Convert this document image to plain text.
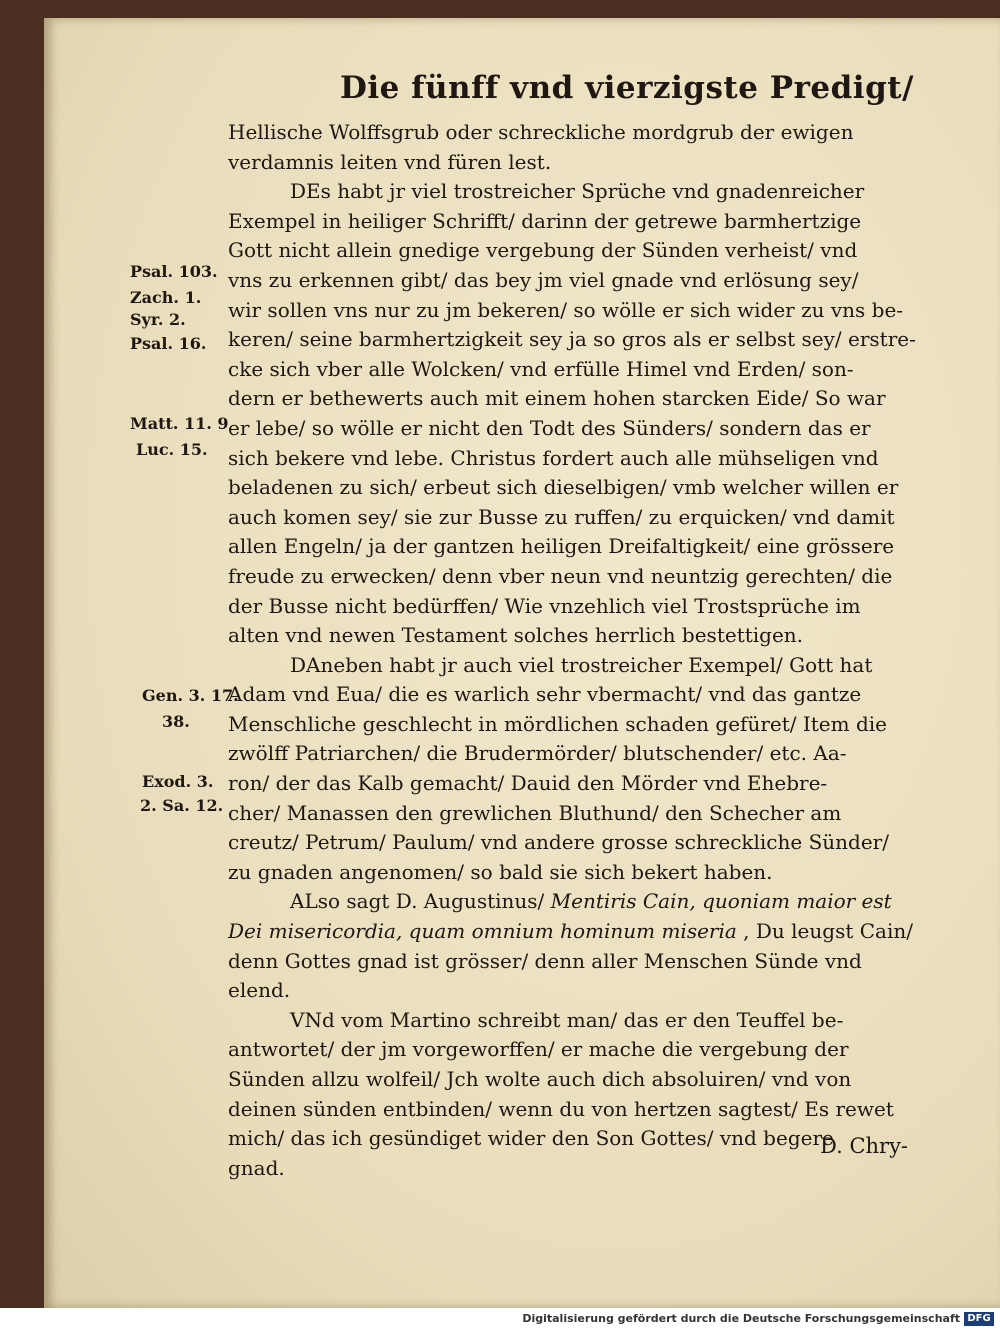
Die fünff vnd vierzigste Predigt/
Hellische Wolffsgrub oder schreckliche mordgrub der ewigen
verdamnis leiten vnd füren lest.
DEs habt jr viel trostreicher Sprüche vnd gnadenreicher
Exempel in heiliger Schrifft/ darinn der getrewe barmhertzige
Gott nicht allein gnedige vergebung der Sünden verheist/ vnd
vns zu erkennen gibt/ das bey jm viel gnade vnd erlösung sey/
wir sollen vns nur zu jm bekeren/ so wölle er sich wider zu vns be-
keren/ seine barmhertzigkeit sey ja so gros als er selbst sey/ erstre-
cke sich vber alle Wolcken/ vnd erfülle Himel vnd Erden/ son-
dern er bethewerts auch mit einem hohen starcken Eide/ So war
er lebe/ so wölle er nicht den Todt des Sünders/ sondern das er
sich bekere vnd lebe. Christus fordert auch alle mühseligen vnd
beladenen zu sich/ erbeut sich dieselbigen/ vmb welcher willen er
auch komen sey/ sie zur Busse zu ruffen/ zu erquicken/ vnd damit
allen Engeln/ ja der gantzen heiligen Dreifaltigkeit/ eine grössere
freude zu erwecken/ denn vber neun vnd neuntzig gerechten/ die
der Busse nicht bedürffen/ Wie vnzehlich viel Trostsprüche im
alten vnd newen Testament solches herrlich bestettigen.
DAneben habt jr auch viel trostreicher Exempel/ Gott hat
Adam vnd Eua/ die es warlich sehr vbermacht/ vnd das gantze
Menschliche geschlecht in mördlichen schaden gefüret/ Item die
zwölff Patriarchen/ die Brudermörder/ blutschender/ etc. Aa-
ron/ der das Kalb gemacht/ Dauid den Mörder vnd Ehebre-
cher/ Manassen den grewlichen Bluthund/ den Schecher am
creutz/ Petrum/ Paulum/ vnd andere grosse schreckliche Sünder/
zu gnaden angenomen/ so bald sie sich bekert haben.
ALso sagt D. Augustinus/ Mentiris Cain, quoniam maior est
Dei misericordia, quam omnium hominum miseria , Du leugst Cain/
denn Gottes gnad ist grösser/ denn aller Menschen Sünde vnd
elend.
VNd vom Martino schreibt man/ das er den Teuffel be-
antwortet/ der jm vorgeworffen/ er mache die vergebung der
Sünden allzu wolfeil/ Jch wolte auch dich absoluiren/ vnd von
deinen sünden entbinden/ wenn du von hertzen sagtest/ Es rewet
mich/ das ich gesündiget wider den Son Gottes/ vnd begere
gnad.
Psal. 103.
Zach. 1.
Syr. 2.
Psal. 16.
Matt. 11. 9
Luc. 15.
Gen. 3. 17.
38.
Exod. 3.
2. Sa. 12.
D. Chry-
Digitalisierung gefördert durch die Deutsche Forschungsgemeinschaft DFG
